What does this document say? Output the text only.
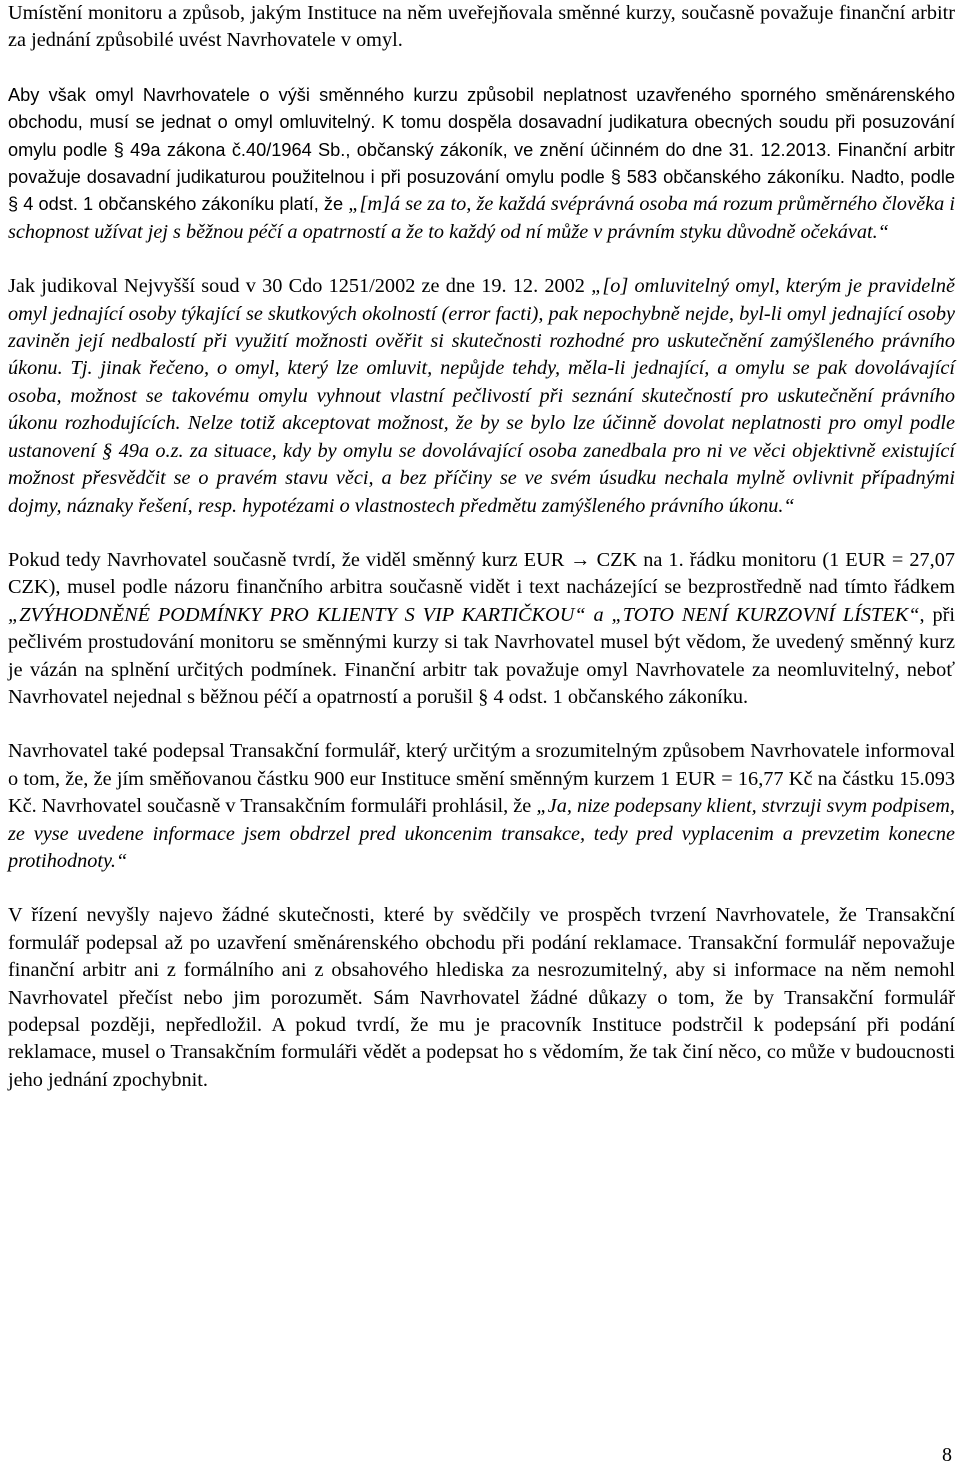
Umístění monitoru a způsob, jakým Instituce na něm uveřejňovala směnné kurzy, současně považuje finanční arbitr za jednání způsobilé uvést Navrhovatele v omyl.

Aby však omyl Navrhovatele o výši směnného kurzu způsobil neplatnost uzavřeného sporného směnárenského obchodu, musí se jednat o omyl omluvitelný. K tomu dospěla dosavadní judikatura obecných soudu při posuzování omylu podle § 49a zákona č.40/1964 Sb., občanský zákoník, ve znění účinném do dne 31. 12.2013. Finanční arbitr považuje dosavadní judikaturou použitelnou i při posuzování omylu podle § 583 občanského zákoníku. Nadto, podle § 4 odst. 1 občanského zákoníku platí, že „[m]á se za to, že každá svéprávná osoba má rozum průměrného člověka i schopnost užívat jej s běžnou péčí a opatrností a že to každý od ní může v právním styku důvodně očekávat.“

Jak judikoval Nejvyšší soud v 30 Cdo 1251/2002 ze dne 19. 12. 2002 „[o] omluvitelný omyl, kterým je pravidelně omyl jednající osoby týkající se skutkových okolností (error facti), pak nepochybně nejde, byl-li omyl jednající osoby zaviněn její nedbalostí při využití možnosti ověřit si skutečnosti rozhodné pro uskutečnění zamýšleného právního úkonu. Tj. jinak řečeno, o omyl, který lze omluvit, nepůjde tehdy, měla-li jednající, a omylu se pak dovolávající osoba, možnost se takovému omylu vyhnout vlastní pečlivostí při seznání skutečností pro uskutečnění právního úkonu rozhodujících. Nelze totiž akceptovat možnost, že by se bylo lze účinně dovolat neplatnosti pro omyl podle ustanovení § 49a o.z. za situace, kdy by omylu se dovolávající osoba zanedbala pro ni ve věci objektivně existující možnost přesvědčit se o pravém stavu věci, a bez příčiny se ve svém úsudku nechala mylně ovlivnit případnými dojmy, náznaky řešení, resp. hypotézami o vlastnostech předmětu zamýšleného právního úkonu.“

Pokud tedy Navrhovatel současně tvrdí, že viděl směnný kurz EUR → CZK na 1. řádku monitoru (1 EUR = 27,07 CZK), musel podle názoru finančního arbitra současně vidět i text nacházející se bezprostředně nad tímto řádkem „ZVÝHODNĚNÉ PODMÍNKY PRO KLIENTY S VIP KARTIČKOU“ a „TOTO NENÍ KURZOVNÍ LÍSTEK“, při pečlivém prostudování monitoru se směnnými kurzy si tak Navrhovatel musel být vědom, že uvedený směnný kurz je vázán na splnění určitých podmínek. Finanční arbitr tak považuje omyl Navrhovatele za neomluvitelný, neboť Navrhovatel nejednal s běžnou péčí a opatrností a porušil § 4 odst. 1 občanského zákoníku.

Navrhovatel také podepsal Transakční formulář, který určitým a srozumitelným způsobem Navrhovatele informoval o tom, že, že jím směňovanou částku 900 eur Instituce smění směnným kurzem 1 EUR = 16,77 Kč na částku 15.093 Kč. Navrhovatel současně v Transakčním formuláři prohlásil, že „Ja, nize podepsany klient, stvrzuji svym podpisem, ze vyse uvedene informace jsem obdrzel pred ukoncenim transakce, tedy pred vyplacenim a prevzetim konecne protihodnoty.“

V řízení nevyšly najevo žádné skutečnosti, které by svědčily ve prospěch tvrzení Navrhovatele, že Transakční formulář podepsal až po uzavření směnárenského obchodu při podání reklamace. Transakční formulář nepovažuje finanční arbitr ani z formálního ani z obsahového hlediska za nesrozumitelný, aby si informace na něm nemohl Navrhovatel přečíst nebo jim porozumět. Sám Navrhovatel žádné důkazy o tom, že by Transakční formulář podepsal později, nepředložil. A pokud tvrdí, že mu je pracovník Instituce podstrčil k podepsání při podání reklamace, musel o Transakčním formuláři vědět a podepsat ho s vědomím, že tak činí něco, co může v budoucnosti jeho jednání zpochybnit.

8
